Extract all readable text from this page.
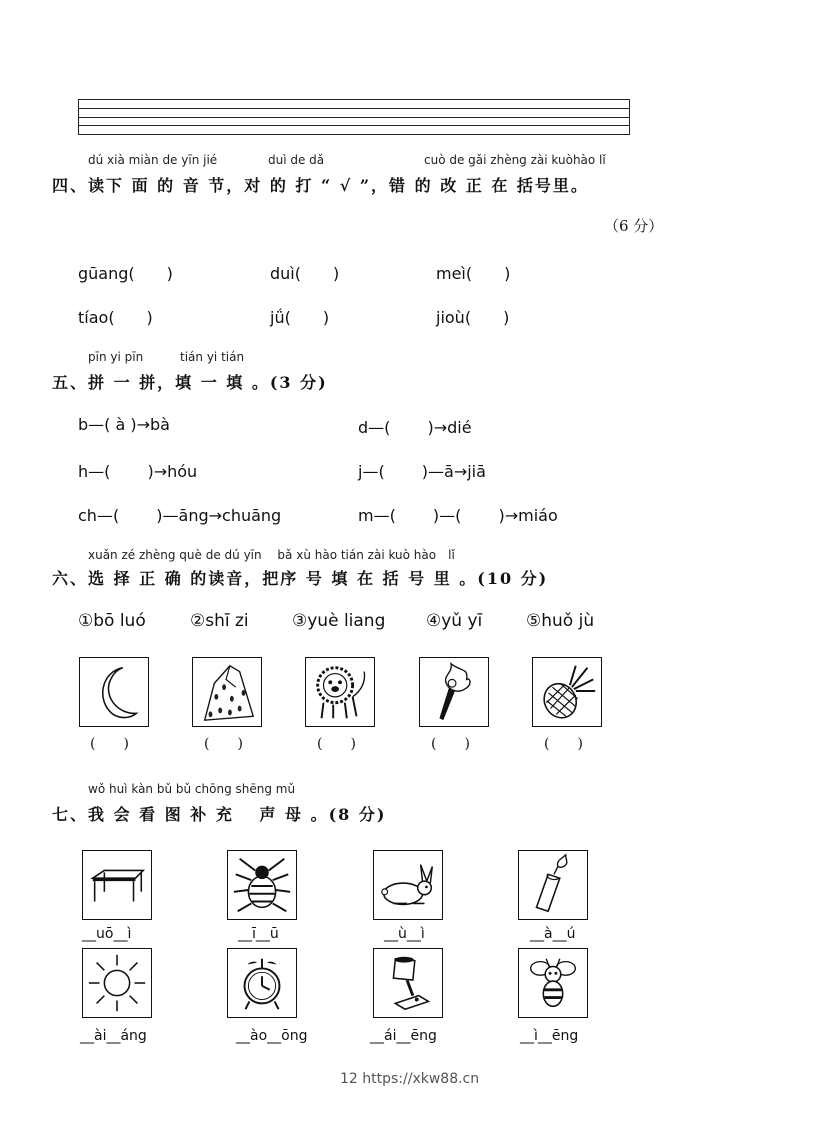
dú xià miàn de yīn jié	duì de dǎ	cuò de gǎi zhèng zài kuòhào lǐ
四、读下 面 的 音 节，对 的 打 “ √ ”，错 的 改 正 在 括号里。
（6 分）
gūang(　　)	duì(　　)	meì(　　)
tíao(　　)	jǘ(　　)	jioù(　　)
pīn yi pīn	tián yi tián
五、拼 一 拼，填 一 填 。(3 分)
b—( à )→bà	d—(　　 )→dié
h—(　　 )→hóu	j—(　　 )—ā→jiā
ch—(　　 )—āng→chuāng	m—(　　 )—(　　 )→miáo
xuǎn zé zhèng què de dú yīn　 bǎ xù hào tián zài kuò hào　lǐ
六、选 择 正 确 的读音，把序 号 填 在 括 号 里 。(10 分)
①bō luó	②shī zi	③yuè liang ④yǔ yī	⑤huǒ jù
(　　)	(　　)	(　　)	(　　)	(　　)
wǒ huì kàn bǔ bǔ chōng shēng mǔ
七、我 会 看 图 补 充　 声 母 。(8 分)
__uō__ì	__ī__ū	__ù__ì	__à__ú
__ài__áng	__ào__ōng	__ái__ēng	__ì__ēng
12 https://xkw88.cn
